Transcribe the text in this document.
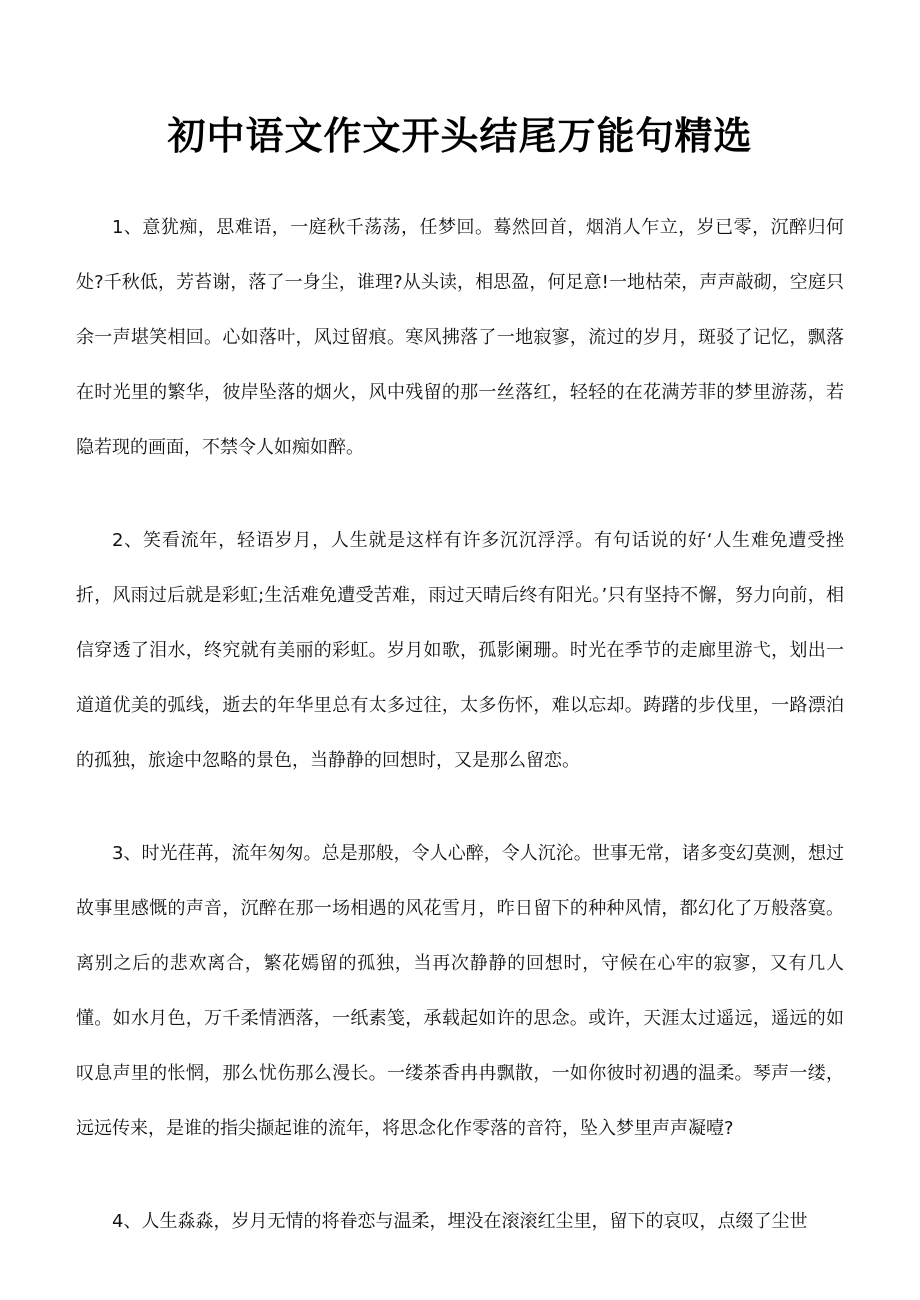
初中语文作文开头结尾万能句精选

1、意犹痴，思难语，一庭秋千荡荡，任梦回。蓦然回首，烟消人乍立，岁已零，沉醉归何处?千秋低，芳苔谢，落了一身尘，谁理?从头读，相思盈，何足意!一地枯荣，声声敲砌，空庭只余一声堪笑相回。心如落叶，风过留痕。寒风拂落了一地寂寥，流过的岁月，斑驳了记忆，飘落在时光里的繁华，彼岸坠落的烟火，风中残留的那一丝落红，轻轻的在花满芳菲的梦里游荡，若隐若现的画面，不禁令人如痴如醉。

2、笑看流年，轻语岁月，人生就是这样有许多沉沉浮浮。有句话说的好‘人生难免遭受挫折，风雨过后就是彩虹;生活难免遭受苦难，雨过天晴后终有阳光。’只有坚持不懈，努力向前，相信穿透了泪水，终究就有美丽的彩虹。岁月如歌，孤影阑珊。时光在季节的走廊里游弋，划出一道道优美的弧线，逝去的年华里总有太多过往，太多伤怀，难以忘却。踌躇的步伐里，一路漂泊的孤独，旅途中忽略的景色，当静静的回想时，又是那么留恋。

3、时光荏苒，流年匆匆。总是那般，令人心醉，令人沉沦。世事无常，诸多变幻莫测，想过故事里感慨的声音，沉醉在那一场相遇的风花雪月，昨日留下的种种风情，都幻化了万般落寞。离别之后的悲欢离合，繁花嫣留的孤独，当再次静静的回想时，守候在心牢的寂寥，又有几人懂。如水月色，万千柔情洒落，一纸素笺，承载起如许的思念。或许，天涯太过遥远，遥远的如叹息声里的怅惘，那么忧伤那么漫长。一缕茶香冉冉飘散，一如你彼时初遇的温柔。琴声一缕，远远传来，是谁的指尖撷起谁的流年，将思念化作零落的音符，坠入梦里声声凝噎?

4、人生淼淼，岁月无情的将眷恋与温柔，埋没在滚滚红尘里，留下的哀叹，点缀了尘世
